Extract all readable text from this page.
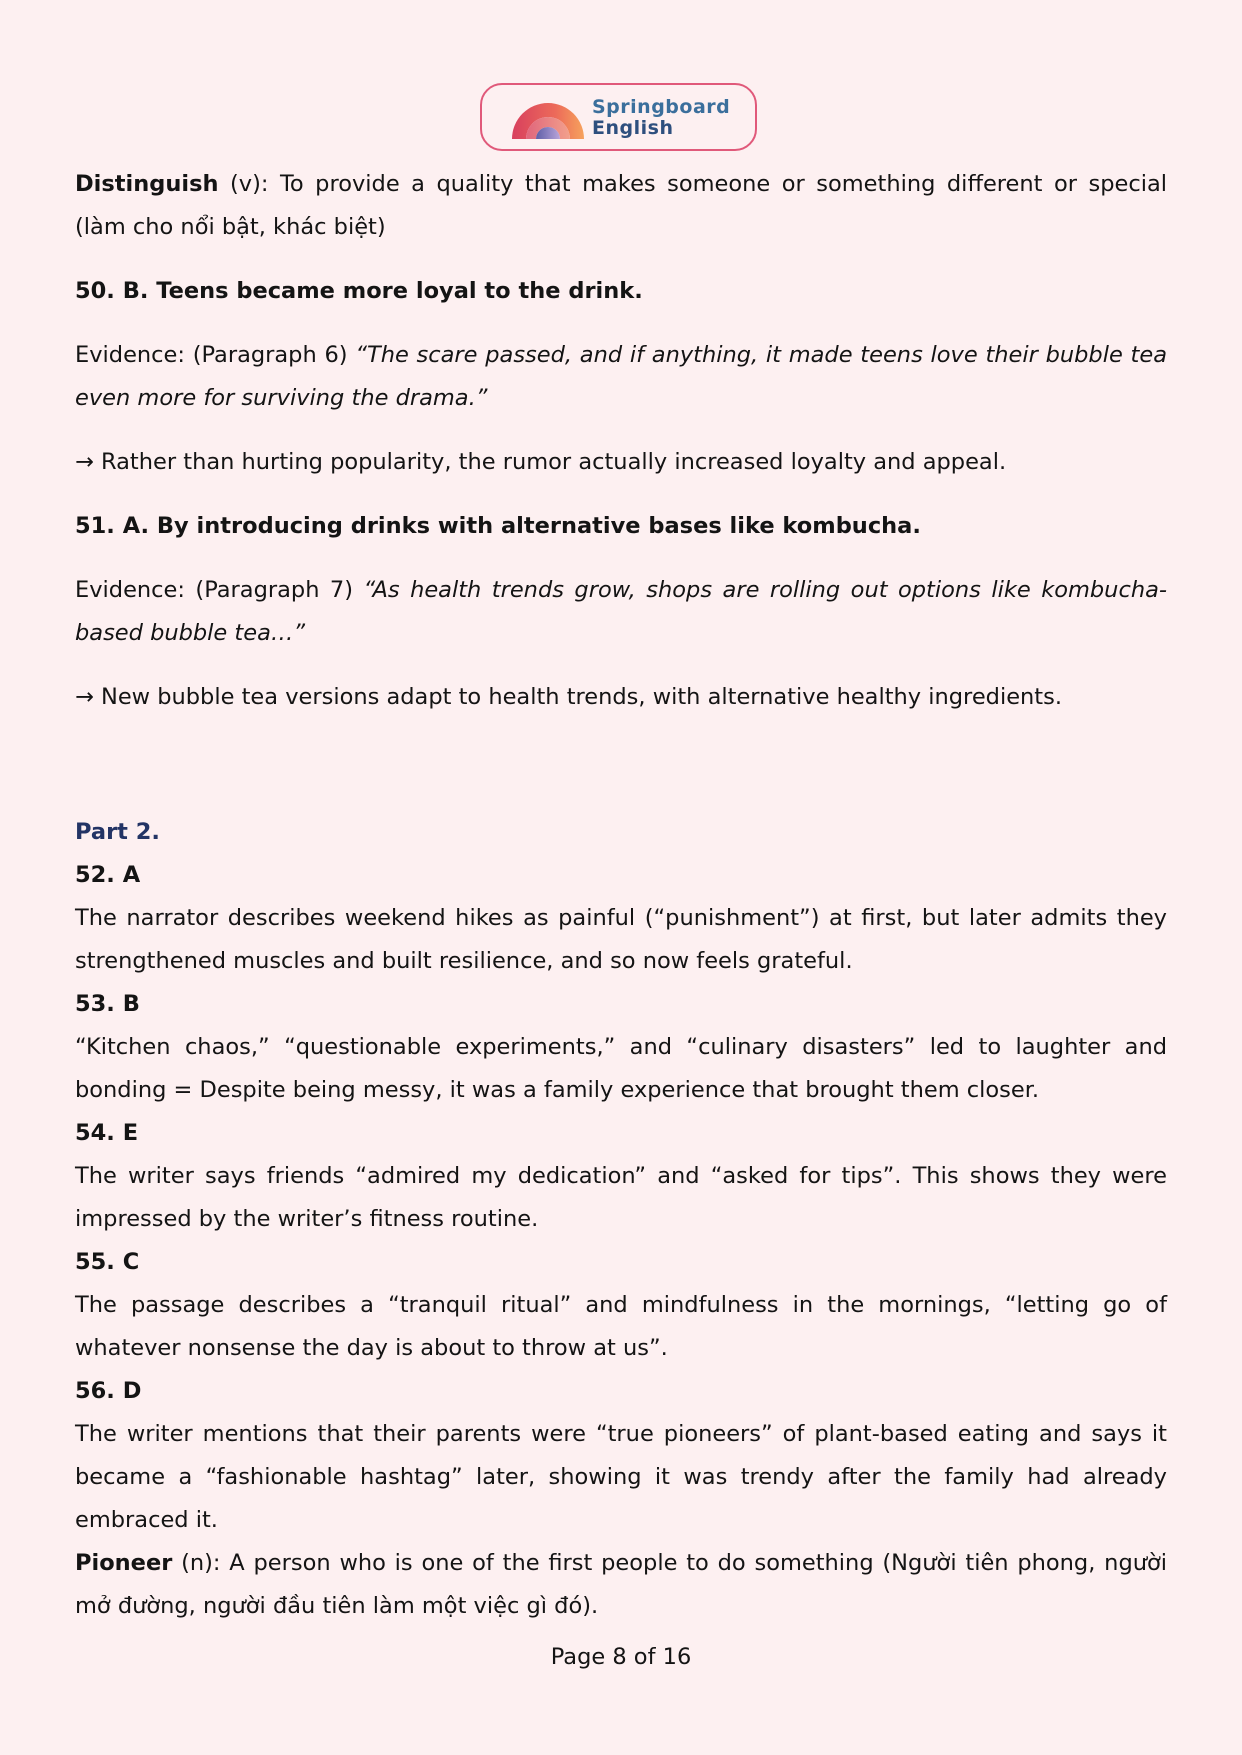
Springboard
English

Distinguish (v): To provide a quality that makes someone or something different or special (làm cho nổi bật, khác biệt)

50. B. Teens became more loyal to the drink.

Evidence: (Paragraph 6) “The scare passed, and if anything, it made teens love their bubble tea even more for surviving the drama.”

→ Rather than hurting popularity, the rumor actually increased loyalty and appeal.

51. A. By introducing drinks with alternative bases like kombucha.

Evidence: (Paragraph 7) “As health trends grow, shops are rolling out options like kombucha-based bubble tea…”

→ New bubble tea versions adapt to health trends, with alternative healthy ingredients.

Part 2.

52. A

The narrator describes weekend hikes as painful (“punishment”) at first, but later admits they strengthened muscles and built resilience, and so now feels grateful.

53. B

“Kitchen chaos,” “questionable experiments,” and “culinary disasters” led to laughter and bonding = Despite being messy, it was a family experience that brought them closer.

54. E

The writer says friends “admired my dedication” and “asked for tips”. This shows they were impressed by the writer’s fitness routine.

55. C

The passage describes a “tranquil ritual” and mindfulness in the mornings, “letting go of whatever nonsense the day is about to throw at us”.

56. D

The writer mentions that their parents were “true pioneers” of plant-based eating and says it became a “fashionable hashtag” later, showing it was trendy after the family had already embraced it.

Pioneer (n): A person who is one of the first people to do something (Người tiên phong, người mở đường, người đầu tiên làm một việc gì đó).

Page 8 of 16
